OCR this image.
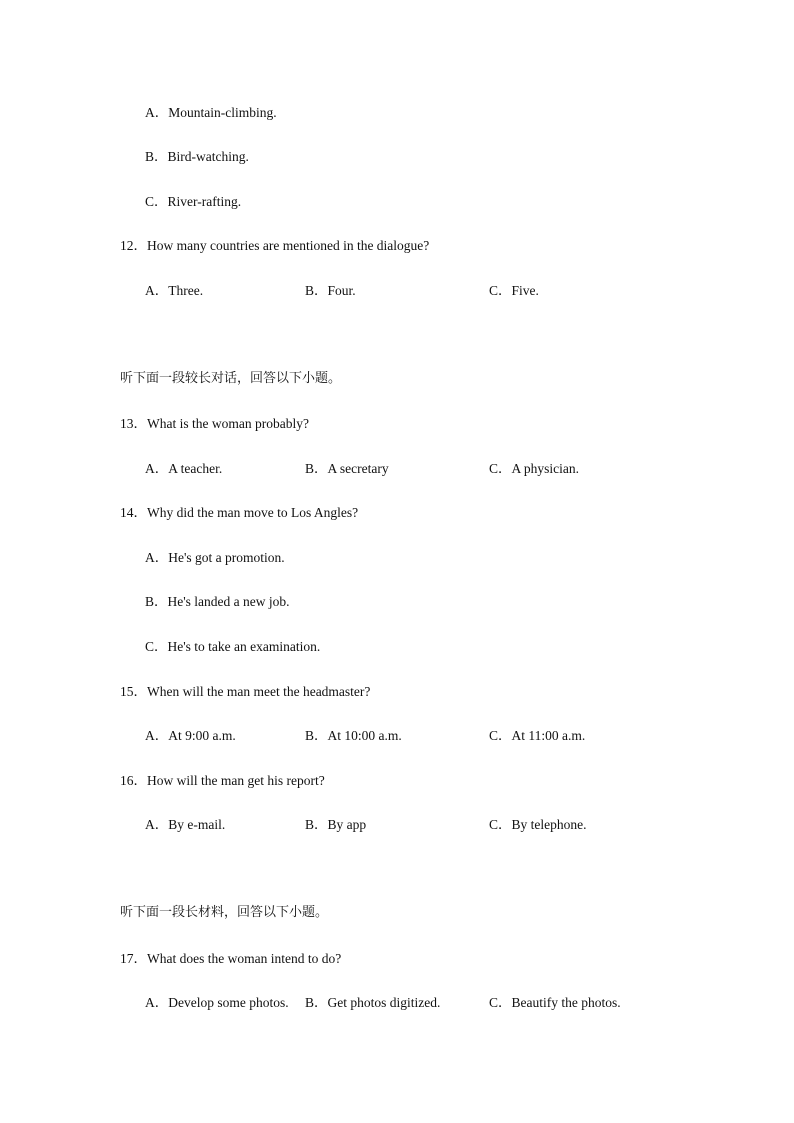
A．Mountain-climbing.
B．Bird-watching.
C．River-rafting.
12．How many countries are mentioned in the dialogue?
A．Three.	B．Four.	C．Five.
听下面一段较长对话，回答以下小题。
13．What is the woman probably?
A．A teacher.	B．A secretary	C．A physician.
14．Why did the man move to Los Angles?
A．He's got a promotion.
B．He's landed a new job.
C．He's to take an examination.
15．When will the man meet the headmaster?
A．At 9:00 a.m.	B．At 10:00 a.m.	C．At 11:00 a.m.
16．How will the man get his report?
A．By e-mail.	B．By app	C．By telephone.
听下面一段长材料，回答以下小题。
17．What does the woman intend to do?
A．Develop some photos. B．Get photos digitized.	C．Beautify the photos.
